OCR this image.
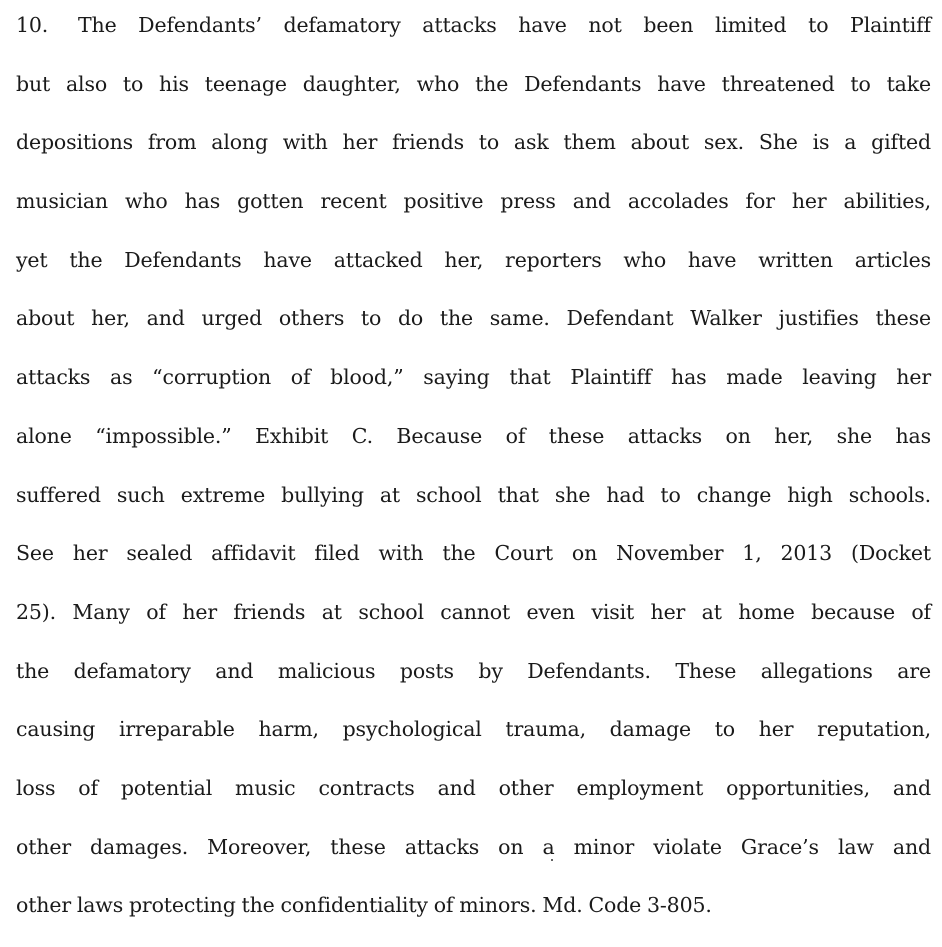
10. The Defendants’ defamatory attacks have not been limited to Plaintiff
but also to his teenage daughter, who the Defendants have threatened to take
depositions from along with her friends to ask them about sex. She is a gifted
musician who has gotten recent positive press and accolades for her abilities,
yet the Defendants have attacked her, reporters who have written articles
about her, and urged others to do the same. Defendant Walker justifies these
attacks as “corruption of blood,” saying that Plaintiff has made leaving her
alone “impossible.” Exhibit C. Because of these attacks on her, she has
suffered such extreme bullying at school that she had to change high schools.
See her sealed affidavit filed with the Court on November 1, 2013 (Docket
25). Many of her friends at school cannot even visit her at home because of
the defamatory and malicious posts by Defendants. These allegations are
causing irreparable harm, psychological trauma, damage to her reputation,
loss of potential music contracts and other employment opportunities, and
other damages. Moreover, these attacks on a minor violate Grace’s law and
other laws protecting the confidentiality of minors. Md. Code 3-805.
